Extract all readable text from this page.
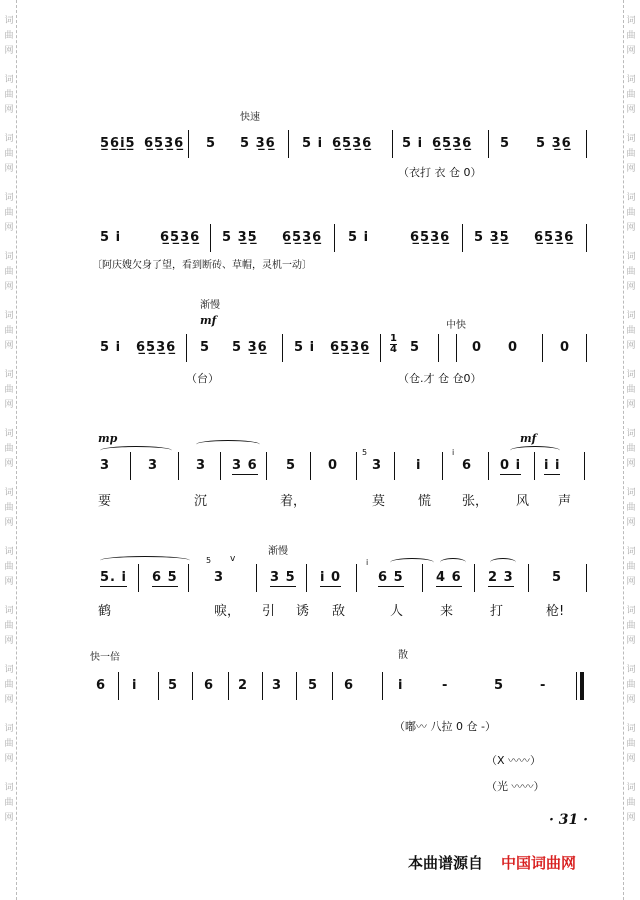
词
曲
网
词
曲
网
词
曲
网
词
曲
网
词
曲
网
词
曲
网
词
曲
网
词
曲
网
词
曲
网
词
曲
网
词
曲
网
词
曲
网
词
曲
网
词
曲
网
词
曲
网
词
曲
网
词
曲
网
词
曲
网
词
曲
网
词
曲
网
词
曲
网
词
曲
网
词
曲
网
词
曲
网
词
曲
网
词
曲
网
词
曲
网
词
曲
网
快速
5̲6̲i̲5̲ 6̲5̲3̲6̲ 5 5 3̲6̲ 5 i 6̲5̲3̲6̲ 5 i 6̲5̲3̲6̲ 5 5 3̲6̲
（衣打 衣 仓 0）
5 i	6̲5̲3̲6̲ 5 3̲5̲ 6̲5̲3̲6̲ 5 i	6̲5̲3̲6̲ 5 3̲5̲ 6̲5̲3̲6̲
〔阿庆嫂欠身了望，看到断砖、草帽，灵机一动〕
渐慢
mf	中快
5 i 6̲5̲3̲6̲ 5 5 3̲6̲ 5 i 6̲5̲3̲6̲
1
4 5	0 0	0
（台）	（仓.才 仓 仓0）
mp	mf
3	3	3 3 6 5 0
5
3	i
i
6 0 i i i
要	沉	着，	莫	慌 张， 风 声
渐慢
5. i 6 5
5
3
v
3 5 i 0
i
6 5 4 6 2 3	5
鹤	唳， 引 诱 敌	人	来	打	枪!
快一倍	散
6 i 5 6 2 3 5 6	i	-	5	-
（嘟〰 八拉 0 仓 -）
（X 〰〰）
（光 〰〰）
· 31 ·
本曲谱源自 中国词曲网
